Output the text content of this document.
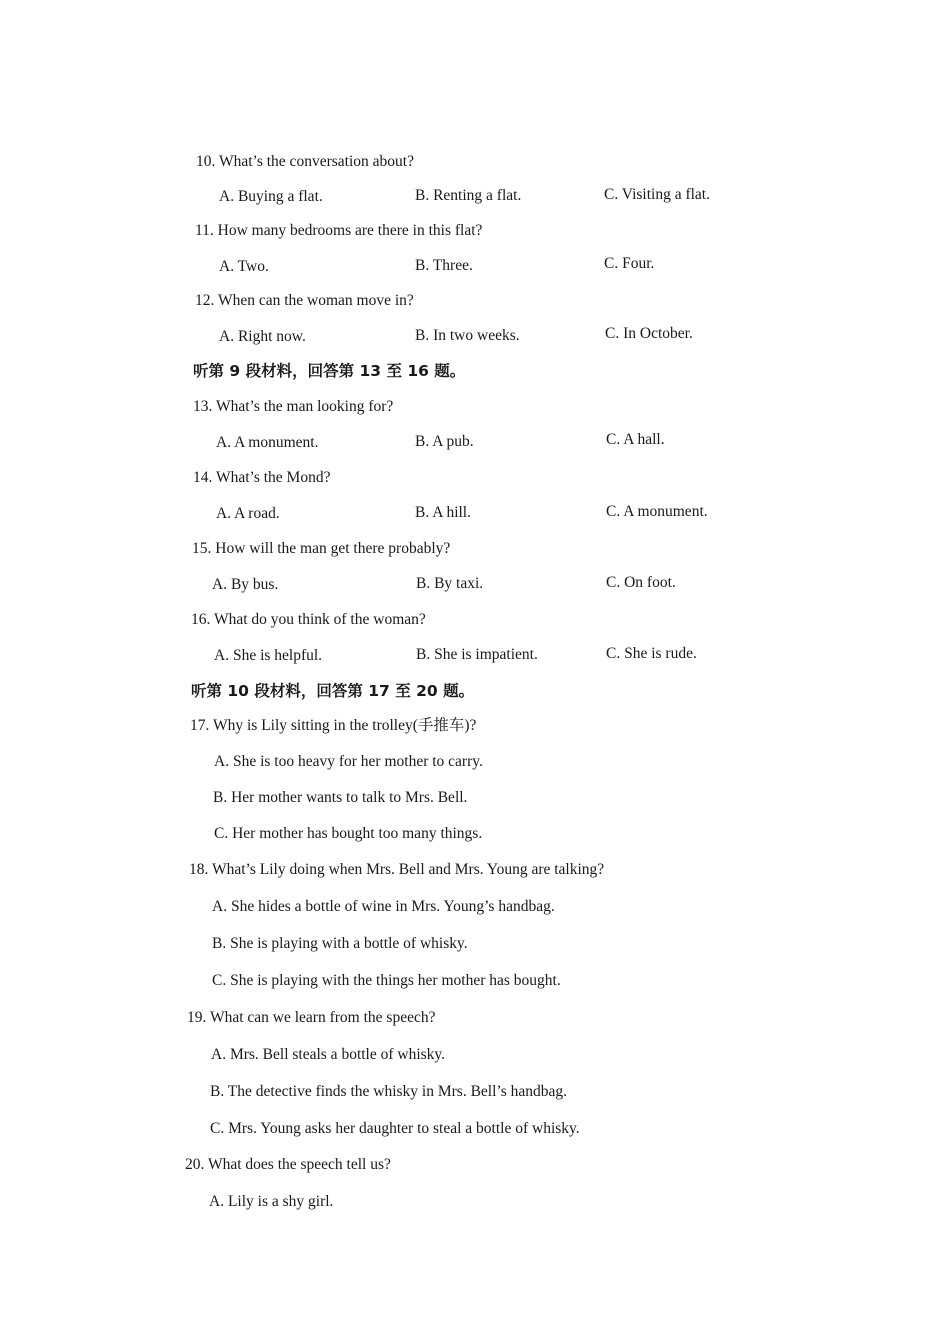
10. What’s the conversation about?
A. Buying a flat.	B. Renting a flat.	C. Visiting a flat.
11. How many bedrooms are there in this flat?
A. Two.	B. Three.	C. Four.
12. When can the woman move in?
A. Right now.	B. In two weeks.	C. In October.
听第 9 段材料，回答第 13 至 16 题。
13. What’s the man looking for?
A. A monument.	B. A pub.	C. A hall.
14. What’s the Mond?
A. A road.	B. A hill.	C. A monument.
15. How will the man get there probably?
A. By bus.	B. By taxi.	C. On foot.
16. What do you think of the woman?
A. She is helpful.	B. She is impatient.	C. She is rude.
听第 10 段材料，回答第 17 至 20 题。
17. Why is Lily sitting in the trolley(手推车)?
A. She is too heavy for her mother to carry.
B. Her mother wants to talk to Mrs. Bell.
C. Her mother has bought too many things.
18. What’s Lily doing when Mrs. Bell and Mrs. Young are talking?
A. She hides a bottle of wine in Mrs. Young’s handbag.
B. She is playing with a bottle of whisky.
C. She is playing with the things her mother has bought.
19. What can we learn from the speech?
A. Mrs. Bell steals a bottle of whisky.
B. The detective finds the whisky in Mrs. Bell’s handbag.
C. Mrs. Young asks her daughter to steal a bottle of whisky.
20. What does the speech tell us?
A. Lily is a shy girl.
